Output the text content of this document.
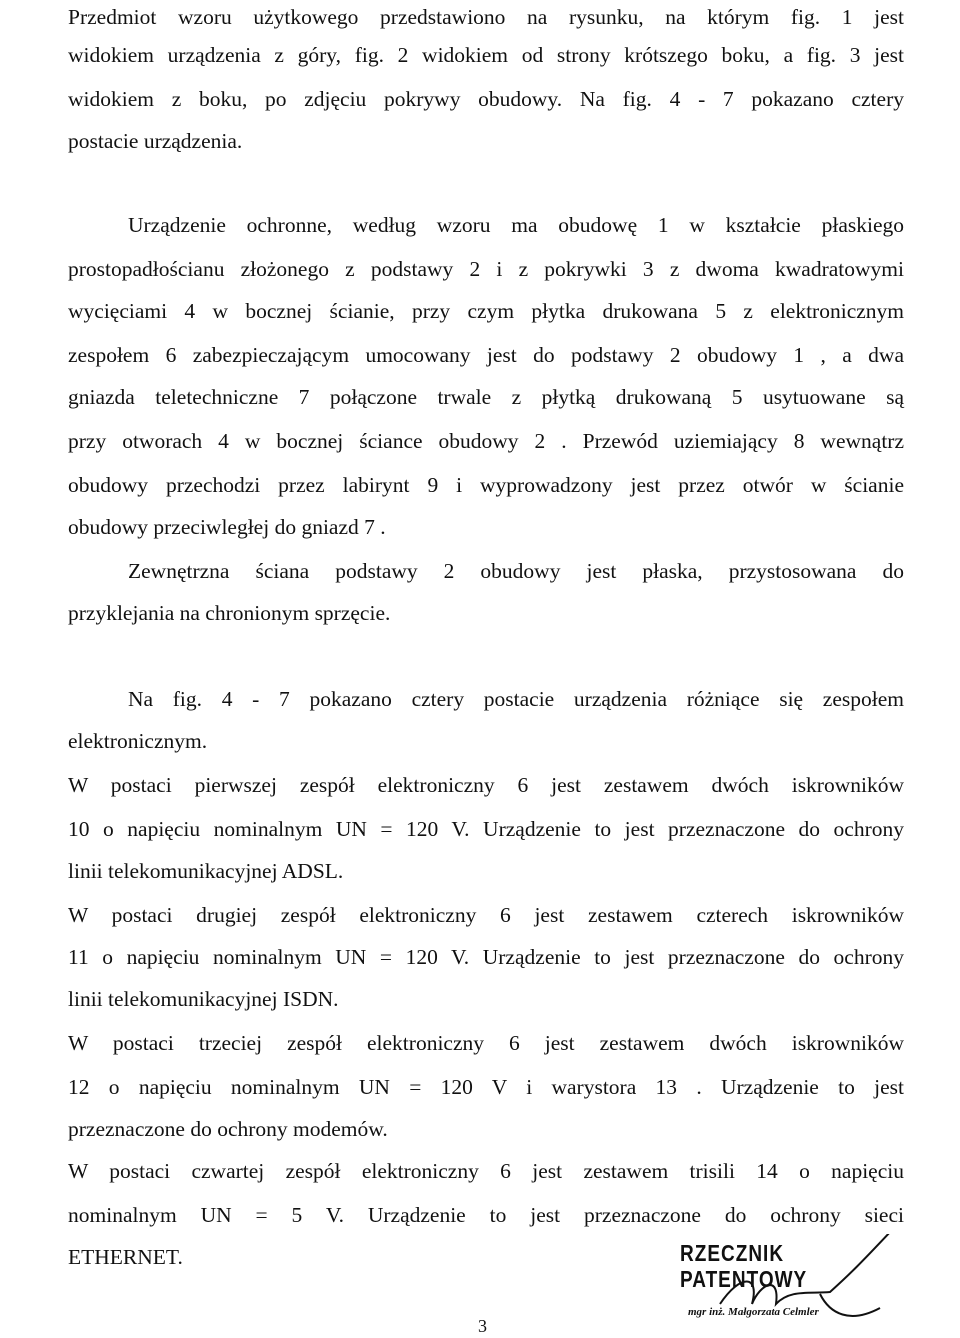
Przedmiot wzoru użytkowego przedstawiono na rysunku, na którym fig. 1 jest
widokiem urządzenia z góry, fig. 2 widokiem od strony krótszego boku, a fig. 3 jest
widokiem z boku, po zdjęciu pokrywy obudowy. Na fig. 4 - 7 pokazano cztery
postacie urządzenia.
Urządzenie ochronne, według wzoru ma obudowę 1 w kształcie płaskiego
prostopadłościanu złożonego z podstawy 2 i z pokrywki 3 z dwoma kwadratowymi
wycięciami 4 w bocznej ścianie, przy czym płytka drukowana 5 z elektronicznym
zespołem 6 zabezpieczającym umocowany jest do podstawy 2 obudowy 1 , a dwa
gniazda teletechniczne 7 połączone trwale z płytką drukowaną 5 usytuowane są
przy otworach 4 w bocznej ściance obudowy 2 . Przewód uziemiający 8 wewnątrz
obudowy przechodzi przez labirynt 9 i wyprowadzony jest przez otwór w ścianie
obudowy przeciwległej do gniazd 7 .
Zewnętrzna ściana podstawy 2 obudowy jest płaska, przystosowana do
przyklejania na chronionym sprzęcie.
Na fig. 4 - 7 pokazano cztery postacie urządzenia różniące się zespołem
elektronicznym.
W postaci pierwszej zespół elektroniczny 6 jest zestawem dwóch iskrowników
10 o napięciu nominalnym UN = 120 V. Urządzenie to jest przeznaczone do ochrony
linii telekomunikacyjnej ADSL.
W postaci drugiej zespół elektroniczny 6 jest zestawem czterech iskrowników
11 o napięciu nominalnym UN = 120 V. Urządzenie to jest przeznaczone do ochrony
linii telekomunikacyjnej ISDN.
W postaci trzeciej zespół elektroniczny 6 jest zestawem dwóch iskrowników
12 o napięciu nominalnym UN = 120 V i warystora 13 . Urządzenie to jest
przeznaczone do ochrony modemów.
W postaci czwartej zespół elektroniczny 6 jest zestawem trisili 14 o napięciu
nominalnym UN = 5 V. Urządzenie to jest przeznaczone do ochrony sieci
ETHERNET.	RZECZNIK PATENTOWY
mgr inż. Małgorzata Celmler
3
